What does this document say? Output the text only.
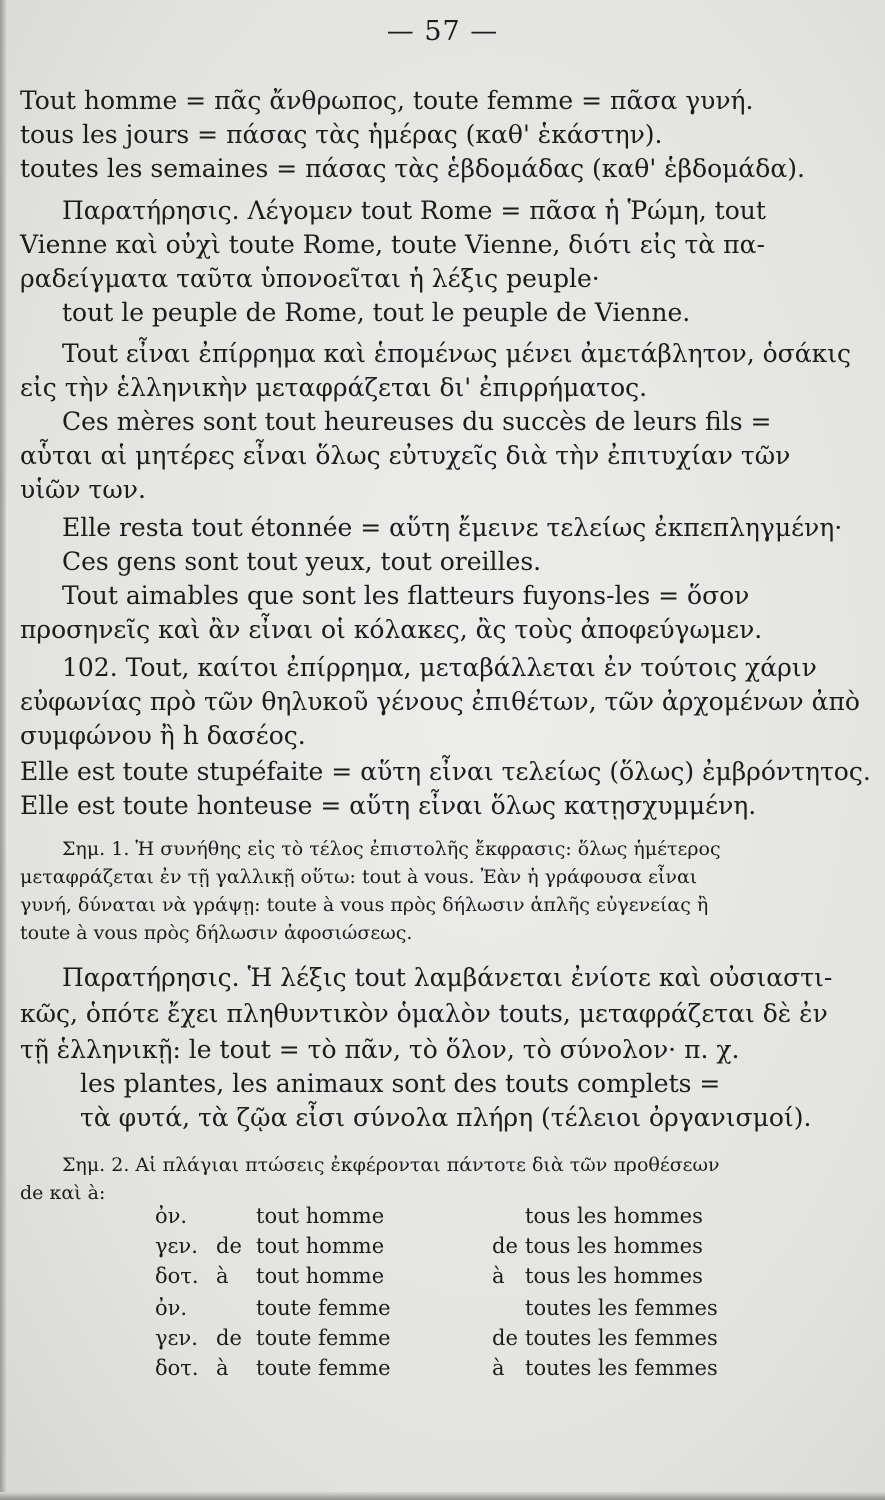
— 57 —
Tout homme = πᾶς ἄνθρωπος, toute femme = πᾶσα γυνή.
tous les jours = πάσας τὰς ἡμέρας (καθ' ἑκάστην).
toutes les semaines = πάσας τὰς ἑβδομάδας (καθ' ἑβδομάδα).
Παρατήρησις. Λέγομεν tout Rome = πᾶσα ἡ Ῥώμη, tout
Vienne καὶ οὐχὶ toute Rome, toute Vienne, διότι εἰς τὰ πα-
ραδείγματα ταῦτα ὑπονοεῖται ἡ λέξις peuple·
tout le peuple de Rome, tout le peuple de Vienne.
Tout εἶναι ἐπίρρημα καὶ ἑπομένως μένει ἀμετάβλητον, ὁσάκις
εἰς τὴν ἑλληνικὴν μεταφράζεται δι' ἐπιρρήματος.
Ces mères sont tout heureuses du succès de leurs fils =
αὗται αἱ μητέρες εἶναι ὅλως εὐτυχεῖς διὰ τὴν ἐπιτυχίαν τῶν
υἱῶν των.
Elle resta tout étonnée = αὕτη ἔμεινε τελείως ἐκπεπληγμένη·
Ces gens sont tout yeux, tout oreilles.
Tout aimables que sont les flatteurs fuyons-les = ὅσον
προσηνεῖς καὶ ἂν εἶναι οἱ κόλακες, ἂς τοὺς ἀποφεύγωμεν.
102. Tout, καίτοι ἐπίρρημα, μεταβάλλεται ἐν τούτοις χάριν
εὐφωνίας πρὸ τῶν θηλυκοῦ γένους ἐπιθέτων, τῶν ἀρχομένων ἀπὸ
συμφώνου ἢ h δασέος.
Elle est toute stupéfaite = αὕτη εἶναι τελείως (ὅλως) ἐμβρόντητος.
Elle est toute honteuse = αὕτη εἶναι ὅλως κατῃσχυμμένη.
Σημ. 1. Ἡ συνήθης εἰς τὸ τέλος ἐπιστολῆς ἔκφρασις: ὅλως ἡμέτερος
μεταφράζεται ἐν τῇ γαλλικῇ οὕτω: tout à vous. Ἐὰν ἡ γράφουσα εἶναι
γυνή, δύναται νὰ γράψῃ: toute à vous πρὸς δήλωσιν ἁπλῆς εὐγενείας ἢ
toute à vous πρὸς δήλωσιν ἀφοσιώσεως.
Παρατήρησις. Ἡ λέξις tout λαμβάνεται ἐνίοτε καὶ οὐσιαστι-
κῶς, ὁπότε ἔχει πληθυντικὸν ὁμαλὸν touts, μεταφράζεται δὲ ἐν
τῇ ἑλληνικῇ: le tout = τὸ πᾶν, τὸ ὅλον, τὸ σύνολον· π. χ.
les plantes, les animaux sont des touts complets =
τὰ φυτά, τὰ ζῷα εἶσι σύνολα πλήρη (τέλειοι ὀργανισμοί).
Σημ. 2. Αἱ πλάγιαι πτώσεις ἐκφέρονται πάντοτε διὰ τῶν προθέσεων
de καὶ à:
ὀν.	tout homme	tous les hommes
γεν. de tout homme	de tous les hommes
δοτ. à tout homme	à tous les hommes
ὀν.	toute femme	toutes les femmes
γεν. de toute femme	de toutes les femmes
δοτ. à toute femme	à toutes les femmes
